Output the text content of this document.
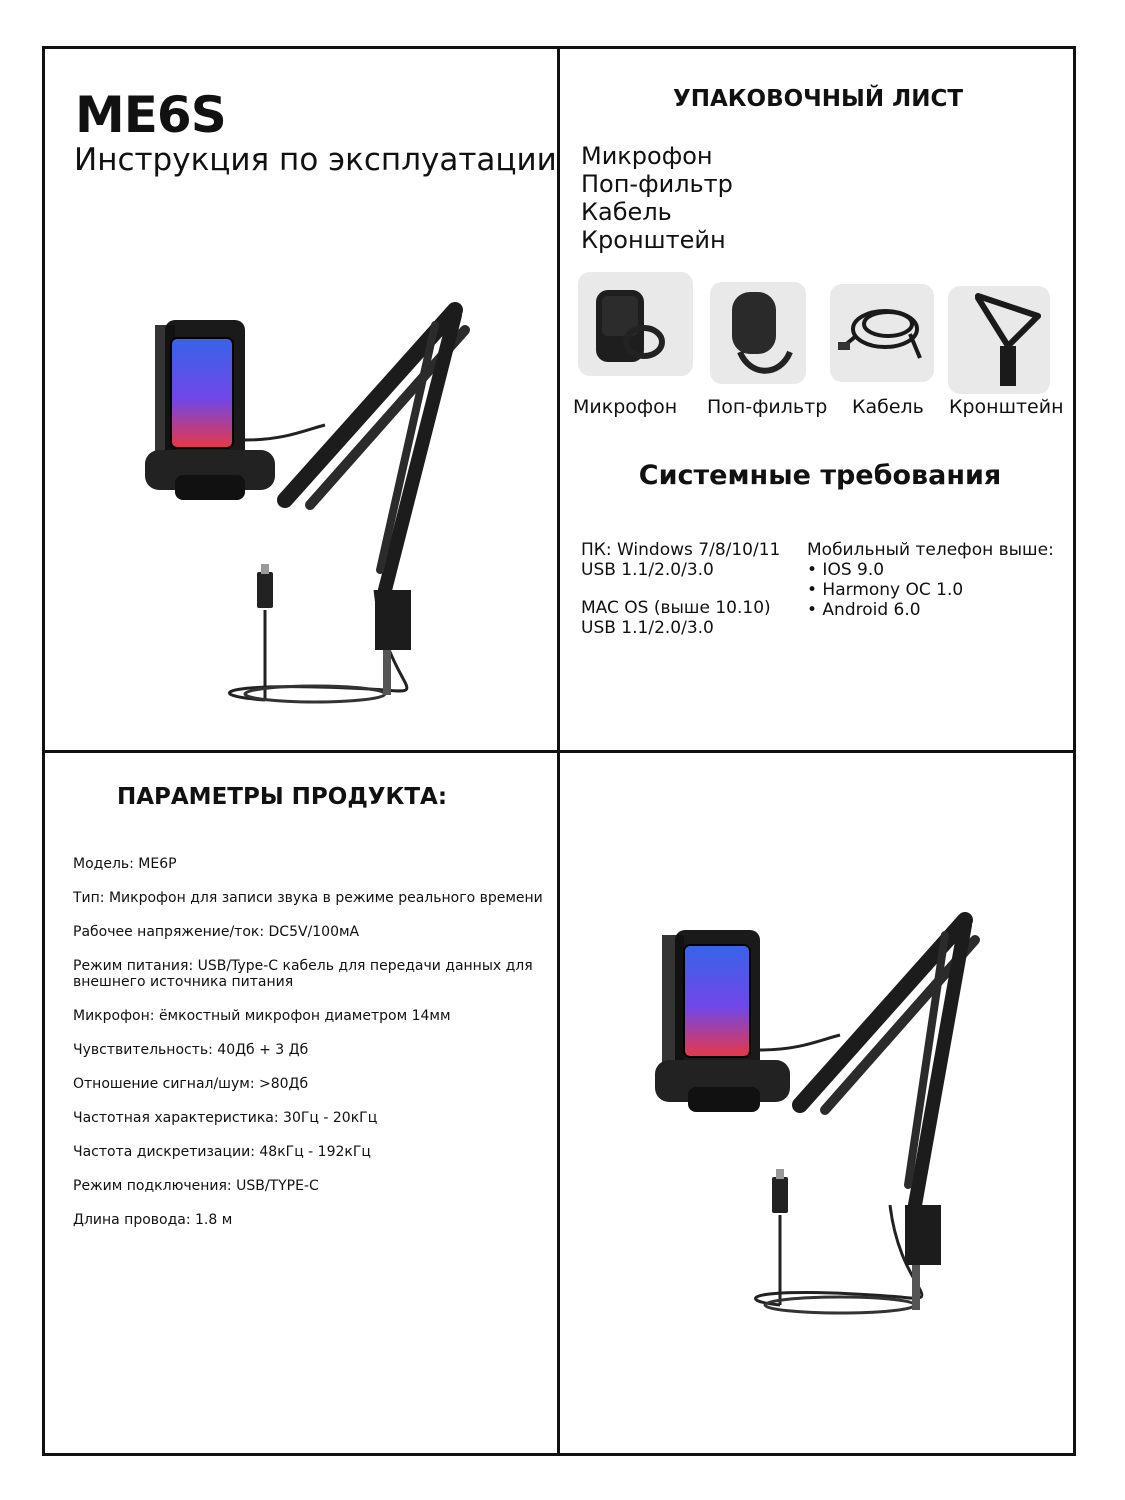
ME6S
Инструкция по эксплуатации
УПАКОВОЧНЫЙ ЛИСТ
Микрофон
Поп-фильтр
Кабель
Кронштейн
Микрофон Поп-фильтр Кабель Кронштейн
Системные требования
ПК: Windows 7/8/10/11
USB 1.1/2.0/3.0
MAC OS (выше 10.10)
USB 1.1/2.0/3.0
Мобильный телефон выше:
• IOS 9.0
• Harmony OC 1.0
• Android 6.0
ПАРАМЕТРЫ ПРОДУКТА:
Модель: ME6P
Тип: Микрофон для записи звука в режиме реального времени
Рабочее напряжение/ток: DC5V/100мА
Режим питания: USB/Type-C кабель для передачи данных для внешнего источника питания
Микрофон: ёмкостный микрофон диаметром 14мм
Чувствительность: 40Дб + 3 Дб
Отношение сигнал/шум: >80Дб
Частотная характеристика: 30Гц - 20кГц
Частота дискретизации: 48кГц - 192кГц
Режим подключения: USB/TYPE-C
Длина провода: 1.8 м
